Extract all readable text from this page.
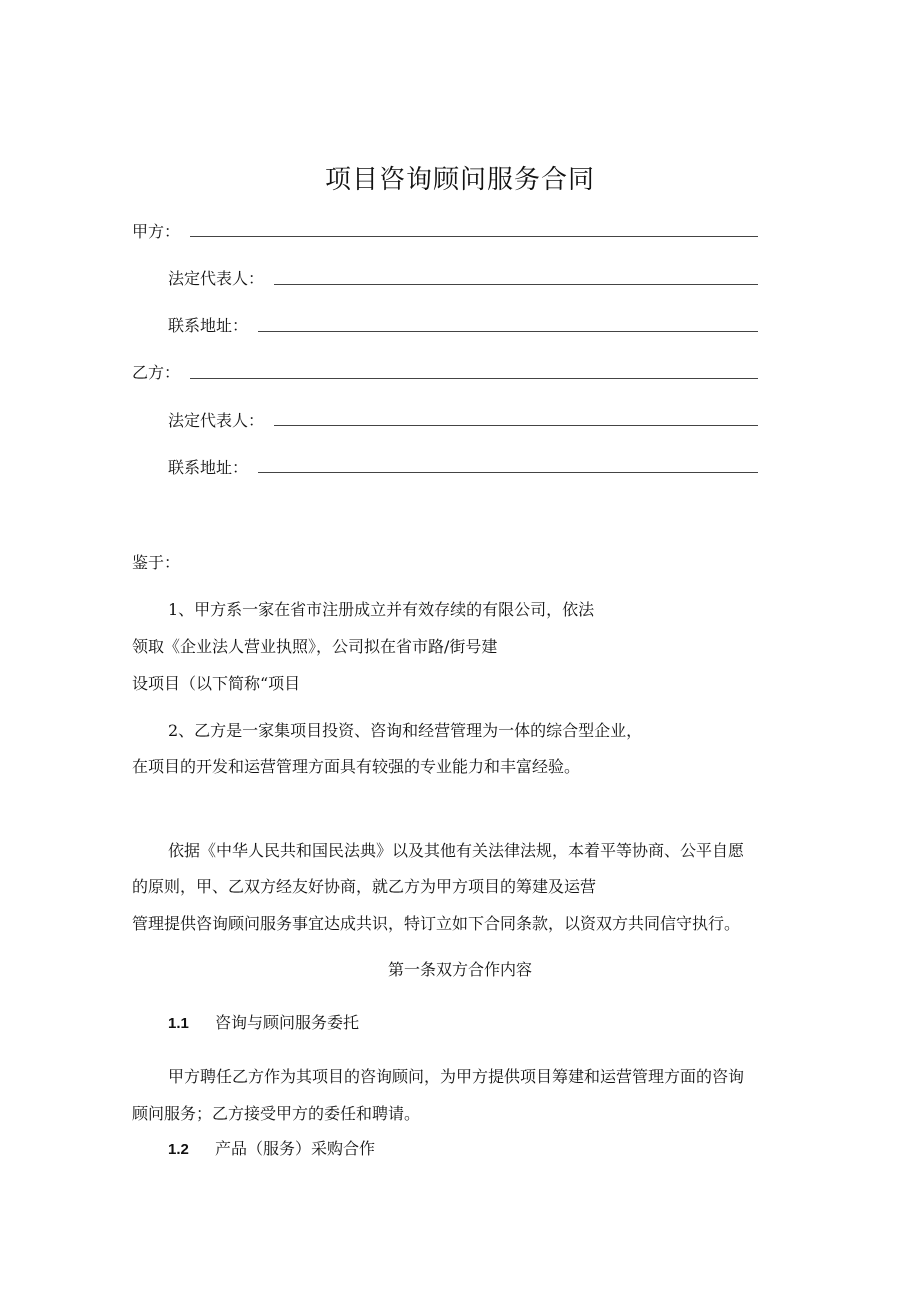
项目咨询顾问服务合同
甲方：
法定代表人：
联系地址：
乙方：
法定代表人：
联系地址：
鉴于：
1、甲方系一家在省市注册成立并有效存续的有限公司，依法
领取《企业法人营业执照》，公司拟在省市路/街号建
设项目（以下简称“项目
2、乙方是一家集项目投资、咨询和经营管理为一体的综合型企业，
在项目的开发和运营管理方面具有较强的专业能力和丰富经验。
依据《中华人民共和国民法典》以及其他有关法律法规，本着平等协商、公平自愿
的原则，甲、乙双方经友好协商，就乙方为甲方项目的筹建及运营
管理提供咨询顾问服务事宜达成共识，特订立如下合同条款，以资双方共同信守执行。
第一条双方合作内容
1.1 咨询与顾问服务委托
甲方聘任乙方作为其项目的咨询顾问，为甲方提供项目筹建和运营管理方面的咨询
顾问服务；乙方接受甲方的委任和聘请。
1.2 产品（服务）采购合作
